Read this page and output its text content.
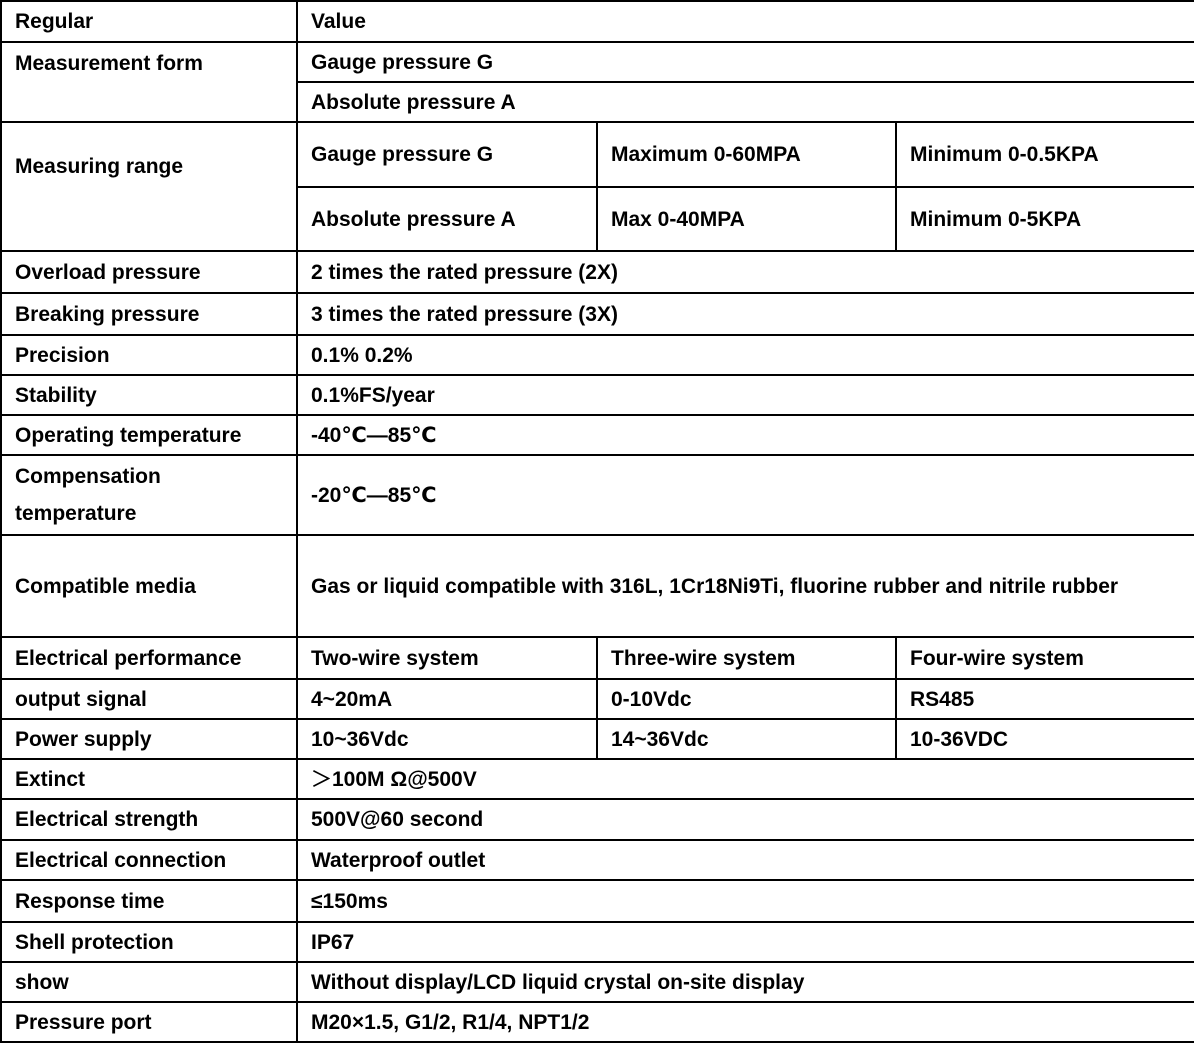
Regular	Value		
Measurement form	Gauge pressure G		
	Absolute pressure A		
Measuring range	Gauge pressure G	Maximum 0-60MPA	Minimum 0-0.5KPA
	Absolute pressure A	Max 0-40MPA	Minimum 0-5KPA
Overload pressure	2 times the rated pressure (2X)		
Breaking pressure	3 times the rated pressure (3X)		
Precision	0.1% 0.2%		
Stability	0.1%FS/year		
Operating temperature	-40℃—85℃		
Compensation temperature	-20℃—85℃		
Compatible media	Gas or liquid compatible with 316L, 1Cr18Ni9Ti, fluorine rubber and nitrile rubber		
Electrical performance	Two-wire system	Three-wire system	Four-wire system
output signal	4~20mA	0-10Vdc	RS485
Power supply	10~36Vdc	14~36Vdc	10-36VDC
Extinct	＞100M Ω@500V		
Electrical strength	500V@60 second		
Electrical connection	Waterproof outlet		
Response time	≤150ms		
Shell protection	IP67		
show	Without display/LCD liquid crystal on-site display		
Pressure port	M20×1.5, G1/2, R1/4, NPT1/2		
